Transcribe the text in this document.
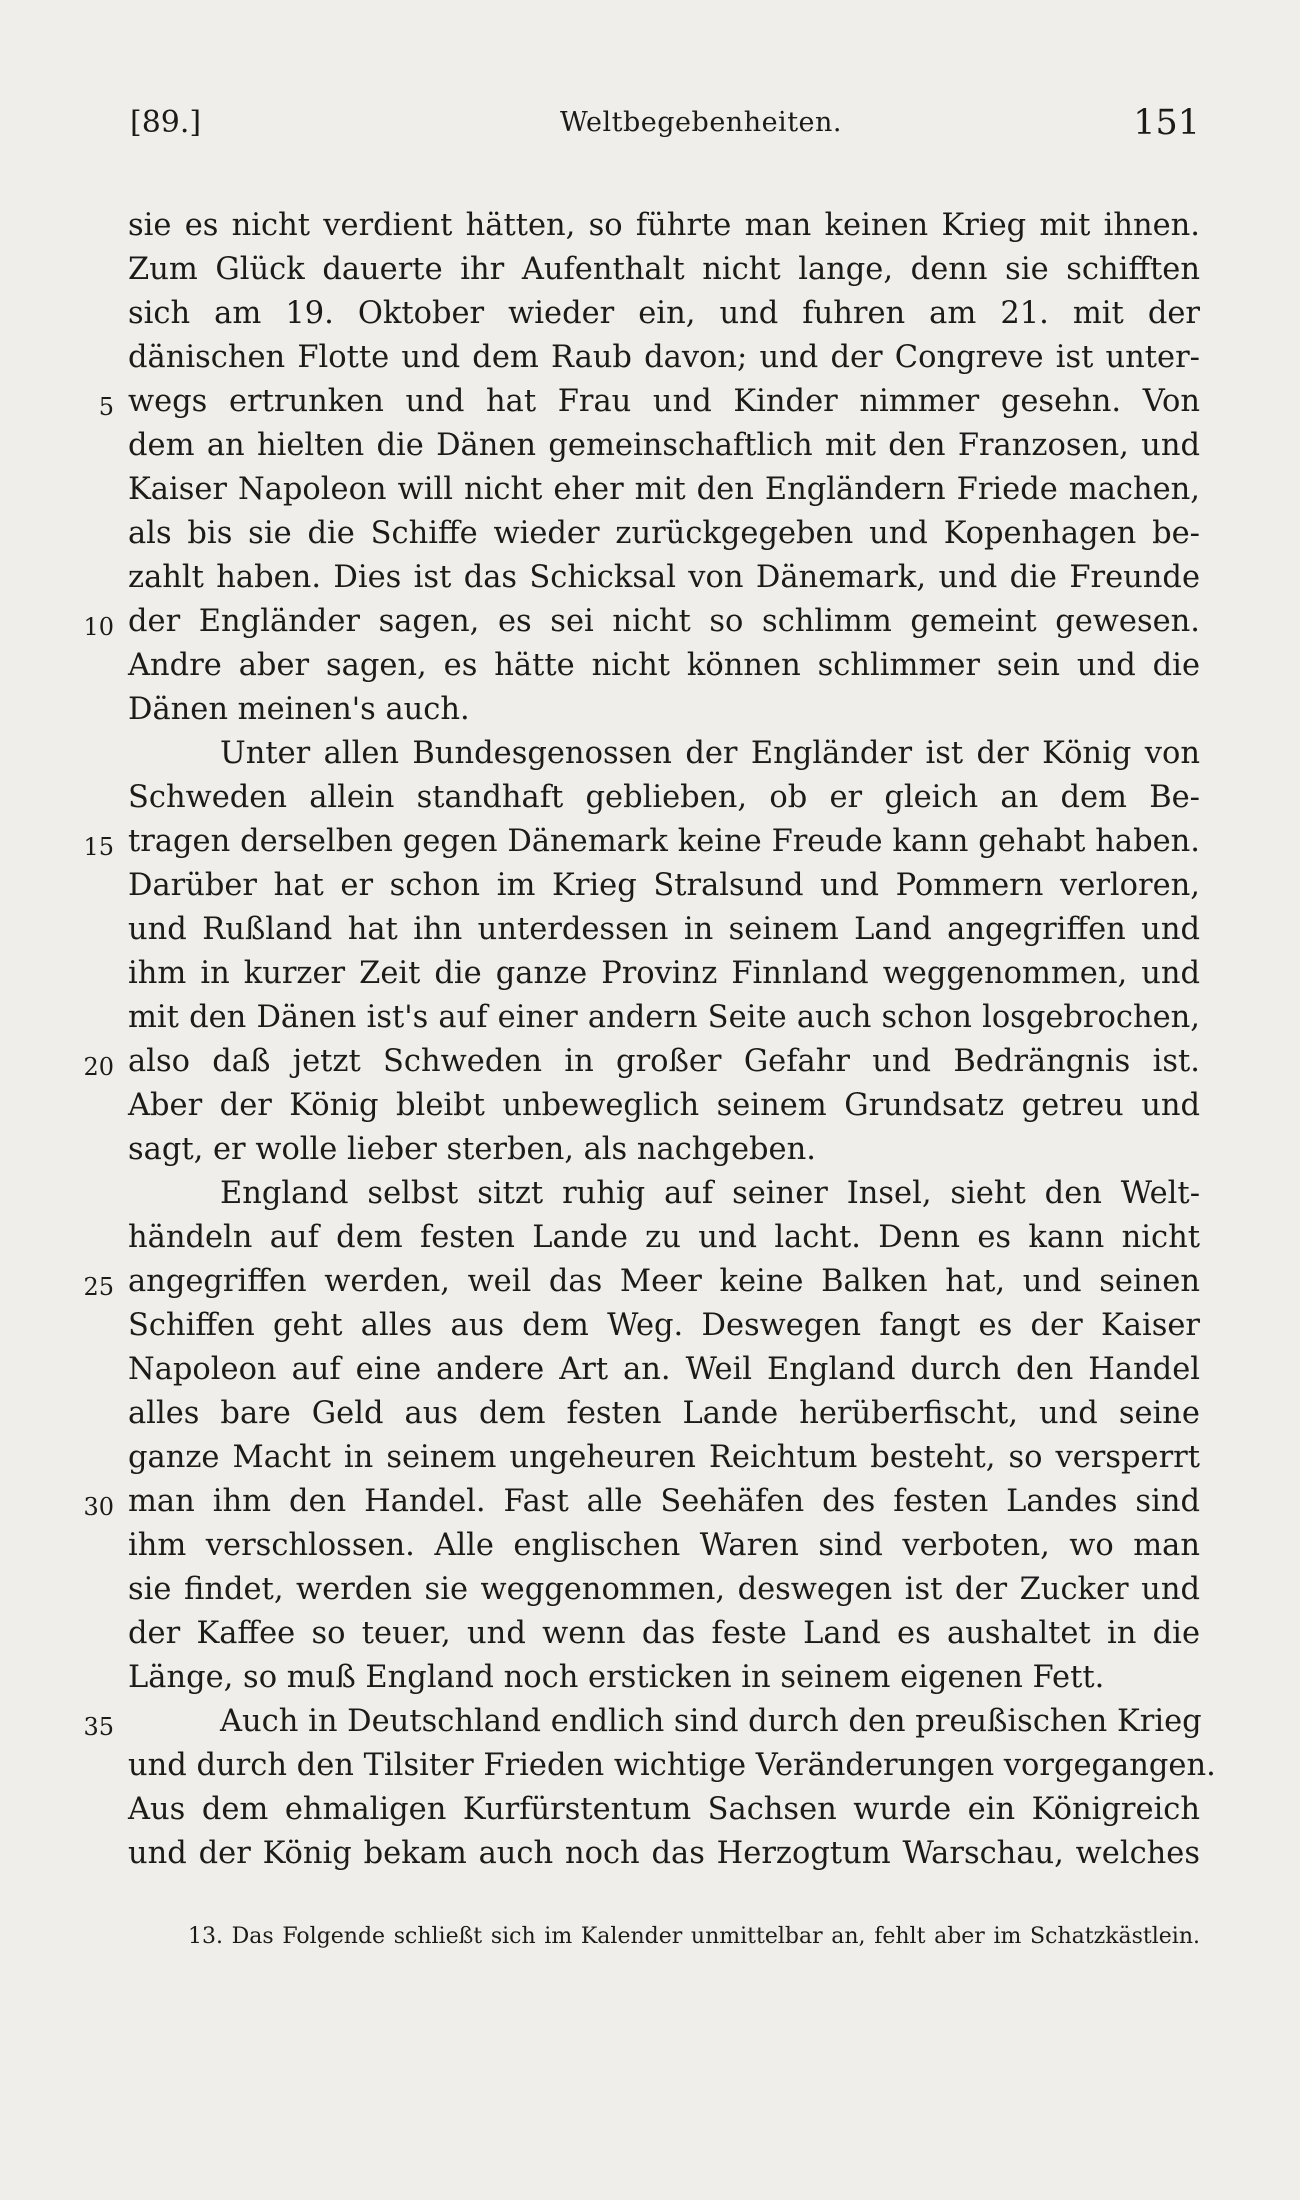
[89.]	Weltbegebenheiten.	151
sie es nicht verdient hätten, so führte man keinen Krieg mit ihnen.
Zum Glück dauerte ihr Aufenthalt nicht lange, denn sie schifften
sich am 19. Oktober wieder ein, und fuhren am 21. mit der
dänischen Flotte und dem Raub davon; und der Congreve ist unter-
5 wegs ertrunken und hat Frau und Kinder nimmer gesehn. Von
dem an hielten die Dänen gemeinschaftlich mit den Franzosen, und
Kaiser Napoleon will nicht eher mit den Engländern Friede machen,
als bis sie die Schiffe wieder zurückgegeben und Kopenhagen be-
zahlt haben. Dies ist das Schicksal von Dänemark, und die Freunde
10 der Engländer sagen, es sei nicht so schlimm gemeint gewesen.
Andre aber sagen, es hätte nicht können schlimmer sein und die
Dänen meinen's auch.
Unter allen Bundesgenossen der Engländer ist der König von
Schweden allein standhaft geblieben, ob er gleich an dem Be-
15 tragen derselben gegen Dänemark keine Freude kann gehabt haben.
Darüber hat er schon im Krieg Stralsund und Pommern verloren,
und Rußland hat ihn unterdessen in seinem Land angegriffen und
ihm in kurzer Zeit die ganze Provinz Finnland weggenommen, und
mit den Dänen ist's auf einer andern Seite auch schon losgebrochen,
20 also daß jetzt Schweden in großer Gefahr und Bedrängnis ist.
Aber der König bleibt unbeweglich seinem Grundsatz getreu und
sagt, er wolle lieber sterben, als nachgeben.
England selbst sitzt ruhig auf seiner Insel, sieht den Welt-
händeln auf dem festen Lande zu und lacht. Denn es kann nicht
25 angegriffen werden, weil das Meer keine Balken hat, und seinen
Schiffen geht alles aus dem Weg. Deswegen fangt es der Kaiser
Napoleon auf eine andere Art an. Weil England durch den Handel
alles bare Geld aus dem festen Lande herüberfischt, und seine
ganze Macht in seinem ungeheuren Reichtum besteht, so versperrt
30 man ihm den Handel. Fast alle Seehäfen des festen Landes sind
ihm verschlossen. Alle englischen Waren sind verboten, wo man
sie findet, werden sie weggenommen, deswegen ist der Zucker und
der Kaffee so teuer, und wenn das feste Land es aushaltet in die
Länge, so muß England noch ersticken in seinem eigenen Fett.
35	Auch in Deutschland endlich sind durch den preußischen Krieg
und durch den Tilsiter Frieden wichtige Veränderungen vorgegangen.
Aus dem ehmaligen Kurfürstentum Sachsen wurde ein Königreich
und der König bekam auch noch das Herzogtum Warschau, welches
13. Das Folgende schließt sich im Kalender unmittelbar an, fehlt aber im Schatzkästlein.
